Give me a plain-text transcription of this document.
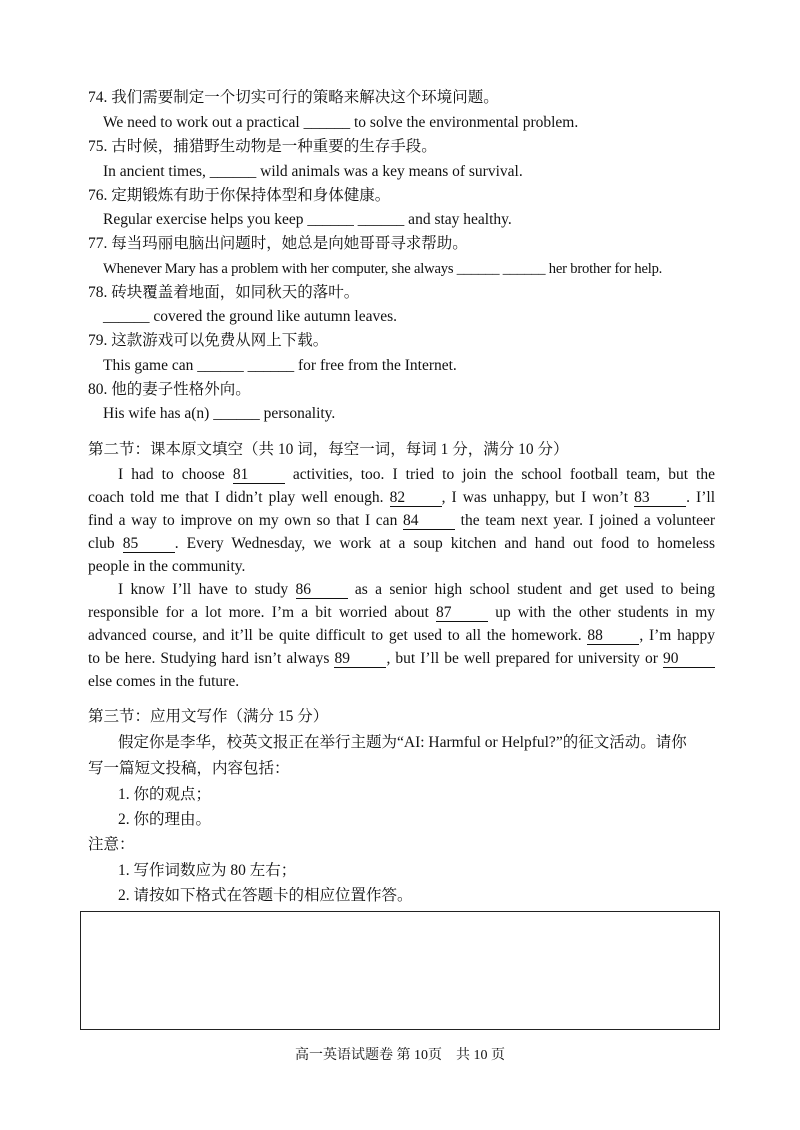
74. 我们需要制定一个切实可行的策略来解决这个环境问题。
We need to work out a practical ______ to solve the environmental problem.
75. 古时候，捕猎野生动物是一种重要的生存手段。
In ancient times, ______ wild animals was a key means of survival.
76. 定期锻炼有助于你保持体型和身体健康。
Regular exercise helps you keep ______ ______ and stay healthy.
77. 每当玛丽电脑出问题时，她总是向她哥哥寻求帮助。
Whenever Mary has a problem with her computer, she always ______ ______ her brother for help.
78. 砖块覆盖着地面，如同秋天的落叶。
______ covered the ground like autumn leaves.
79. 这款游戏可以免费从网上下载。
This game can ______ ______ for free from the Internet.
80. 他的妻子性格外向。
His wife has a(n) ______ personality.
第二节：课本原文填空（共 10 词，每空一词，每词 1 分，满分 10 分）
I had to choose 81 activities, too. I tried to join the school football team, but the
coach told me that I didn’t play well enough. 82 , I was unhappy, but I won’t 83 . I’ll
find a way to improve on my own so that I can 84 the team next year. I joined a volunteer
club 85 . Every Wednesday, we work at a soup kitchen and hand out food to homeless
people in the community.
I know I’ll have to study 86 as a senior high school student and get used to being
responsible for a lot more. I’m a bit worried about 87 up with the other students in my
advanced course, and it’ll be quite difficult to get used to all the homework. 88 , I’m happy
to be here. Studying hard isn’t always 89 , but I’ll be well prepared for university or 90
else comes in the future.
第三节：应用文写作（满分 15 分）
假定你是李华，校英文报正在举行主题为“AI: Harmful or Helpful?”的征文活动。请你
写一篇短文投稿，内容包括：
1. 你的观点；
2. 你的理由。
注意：
1. 写作词数应为 80 左右；
2. 请按如下格式在答题卡的相应位置作答。
高一英语试题卷 第 10页　共 10 页
